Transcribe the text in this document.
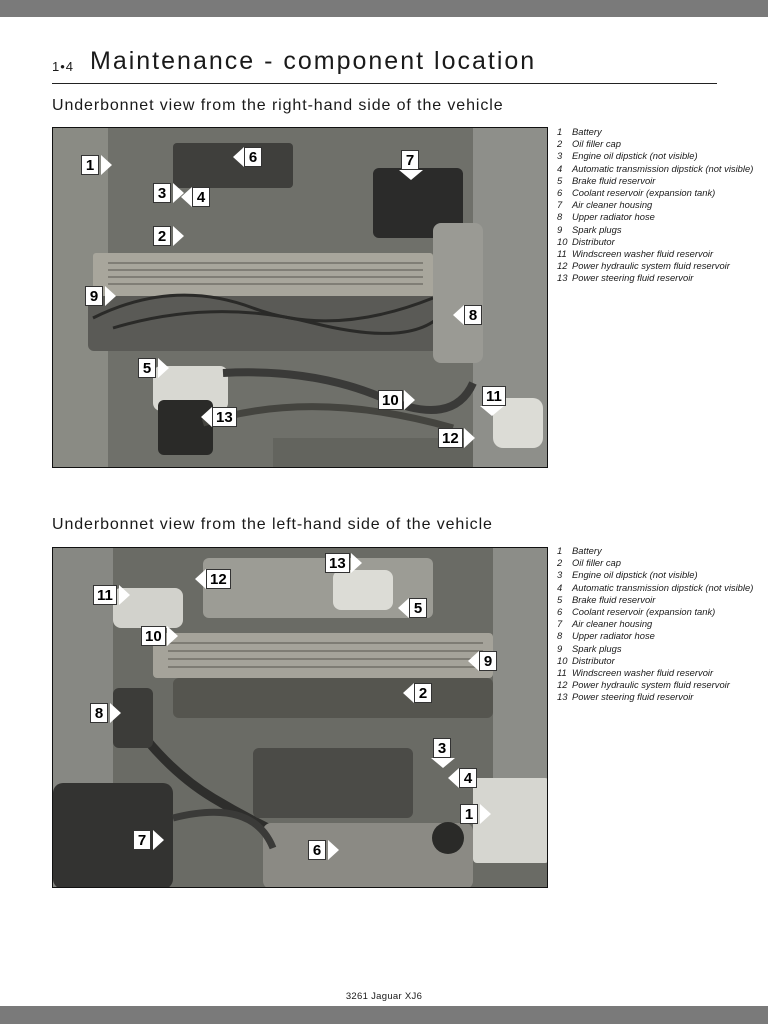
1•4 Maintenance - component location
Underbonnet view from the right-hand side of the vehicle
1	6	7
3	4
2
9
8
5
10	11
13
12
1 Battery
2 Oil filler cap
3 Engine oil dipstick (not visible)
4 Automatic transmission dipstick (not visible)
5 Brake fluid reservoir
6 Coolant reservoir (expansion tank)
7 Air cleaner housing
8 Upper radiator hose
9 Spark plugs
10 Distributor
11 Windscreen washer fluid reservoir
12 Power hydraulic system fluid reservoir
13 Power steering fluid reservoir
Underbonnet view from the left-hand side of the vehicle
13
12
11
5
10
9
2
8
3
4
1
7
6
1 Battery
2 Oil filler cap
3 Engine oil dipstick (not visible)
4 Automatic transmission dipstick (not visible)
5 Brake fluid reservoir
6 Coolant reservoir (expansion tank)
7 Air cleaner housing
8 Upper radiator hose
9 Spark plugs
10 Distributor
11 Windscreen washer fluid reservoir
12 Power hydraulic system fluid reservoir
13 Power steering fluid reservoir
3261 Jaguar XJ6
